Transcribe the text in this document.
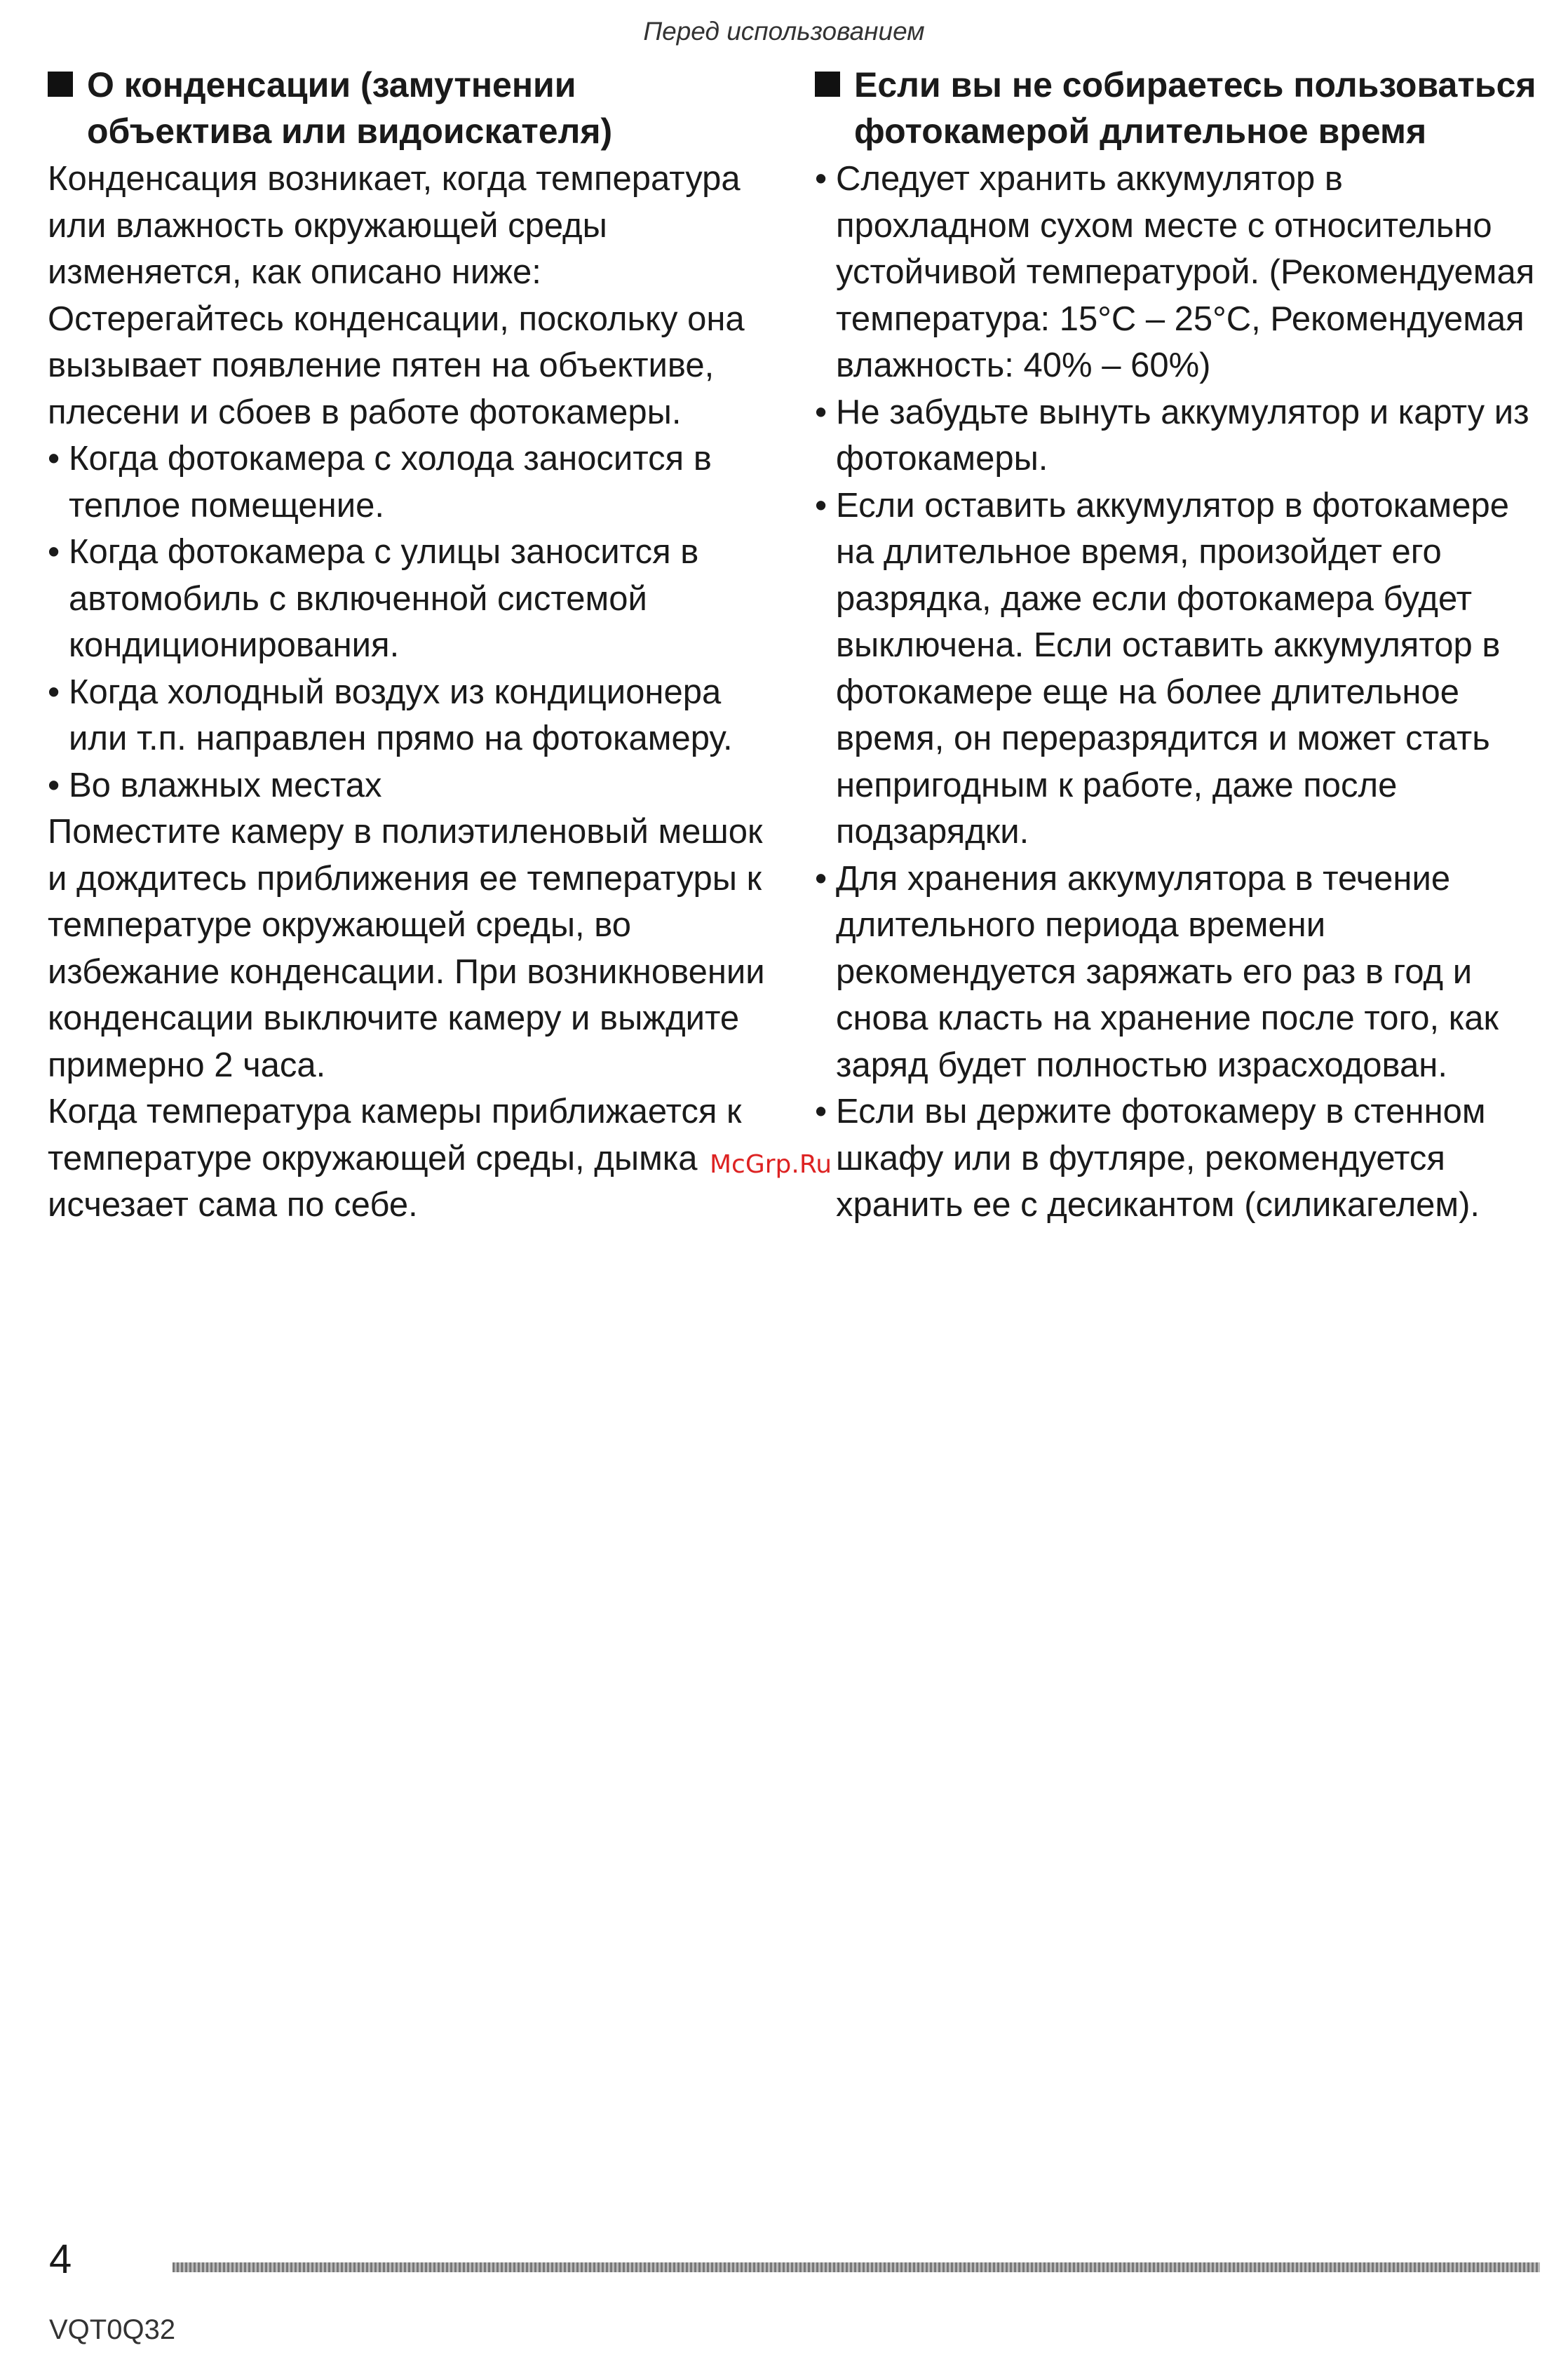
Перед использованием
О конденсации (замутнении объектива или видоискателя)

Конденсация возникает, когда температура или влажность окружающей среды изменяется, как описано ниже:

Остерегайтесь конденсации, поскольку она вызывает появление пятен на объективе, плесени и сбоев в работе фотокамеры.

• Когда фотокамера с холода заносится в теплое помещение.
• Когда фотокамера с улицы заносится в автомобиль с включенной системой кондиционирования.
• Когда холодный воздух из кондиционера или т.п. направлен прямо на фотокамеру.
• Во влажных местах

Поместите камеру в полиэтиленовый мешок и дождитесь приближения ее температуры к температуре окружающей среды, во избежание конденсации. При возникновении конденсации выключите камеру и выждите примерно 2 часа.

Когда температура камеры приближается к температуре окружающей среды, дымка исчезает сама по себе.

Если вы не собираетесь пользоваться фотокамерой длительное время
• Следует хранить аккумулятор в прохладном сухом месте с относительно устойчивой температурой. (Рекомендуемая температура: 15°C – 25°C, Рекомендуемая влажность: 40% – 60%)
• Не забудьте вынуть аккумулятор и карту из фотокамеры.
• Если оставить аккумулятор в фотокамере на длительное время, произойдет его разрядка, даже если фотокамера будет выключена. Если оставить аккумулятор в фотокамере еще на более длительное время, он переразрядится и может стать непригодным к работе, даже после подзарядки.
• Для хранения аккумулятора в течение длительного периода времени рекомендуется заряжать его раз в год и снова класть на хранение после того, как заряд будет полностью израсходован.
• Если вы держите фотокамеру в стенном шкафу или в футляре, рекомендуется хранить ее с десикантом (силикагелем).
McGrp.Ru
4
VQT0Q32
